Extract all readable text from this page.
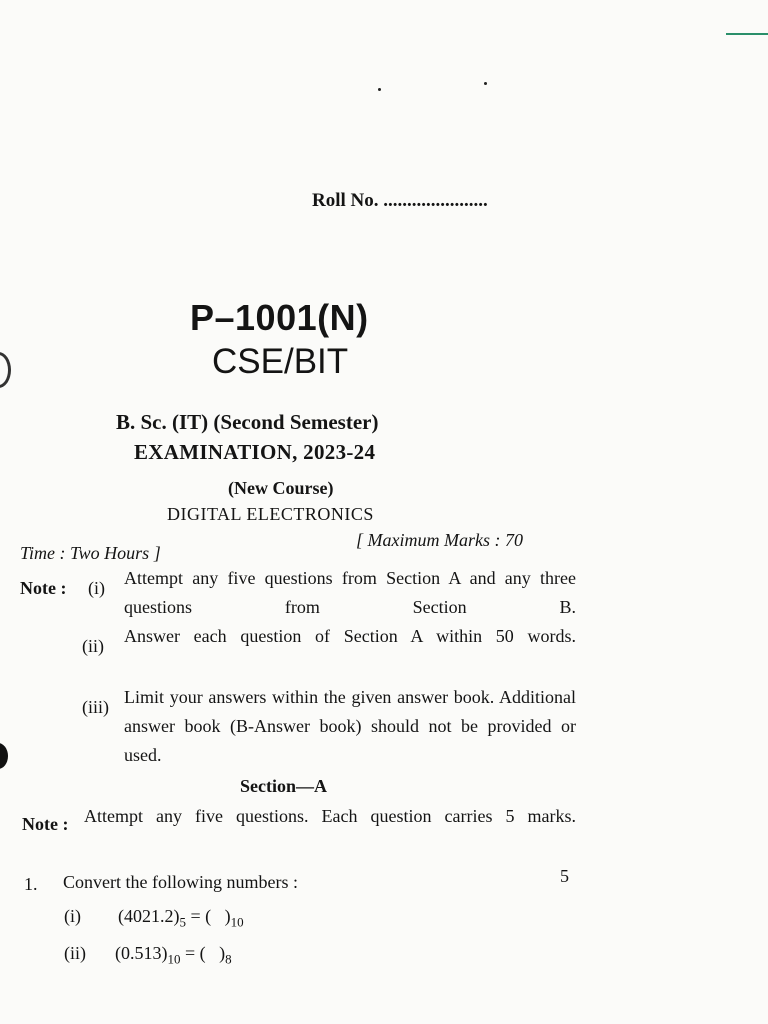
Roll No. ......................
P–1001(N)
CSE/BIT
B. Sc. (IT) (Second Semester)
EXAMINATION, 2023-24
(New Course)
DIGITAL ELECTRONICS
Time : Two Hours ]
[ Maximum Marks : 70
Note : (i) Attempt any five questions from Section A and any three questions from Section B.
(ii) Answer each question of Section A within 50 words.
(iii) Limit your answers within the given answer book. Additional answer book (B-Answer book) should not be provided or used.
Section—A
Note : Attempt any five questions. Each question carries 5 marks.
1. Convert the following numbers :	5
(i) $(4021.2)_5$ = (   )$_{10}$
(ii) $(0.513)_{10}$ = (   )$_8$
